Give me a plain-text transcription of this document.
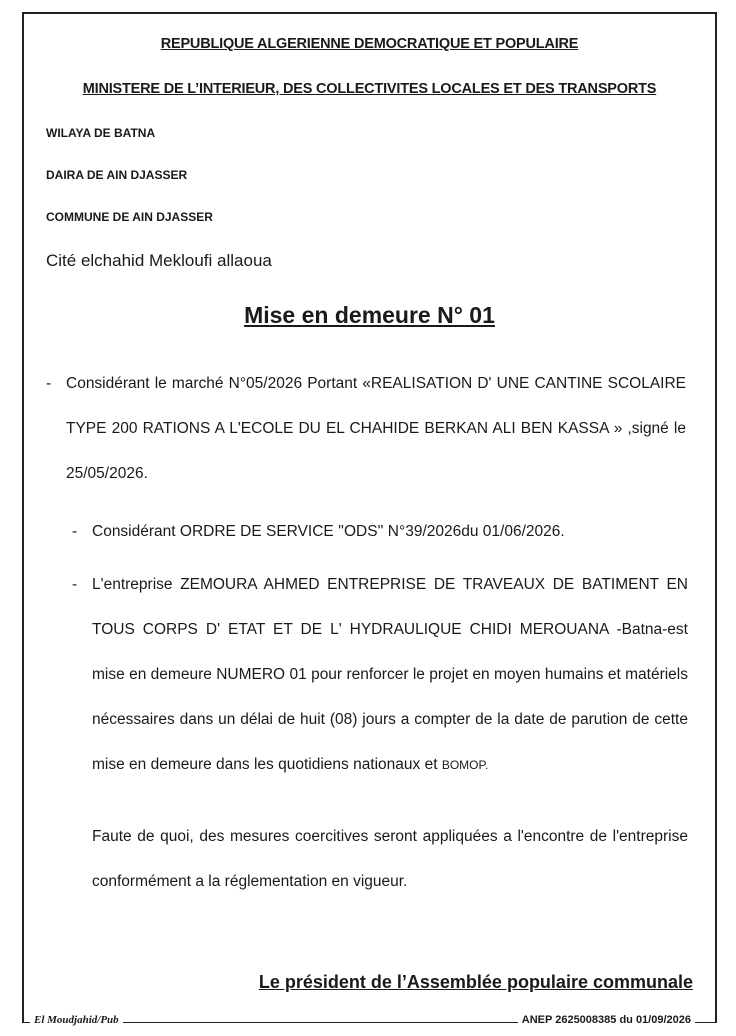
REPUBLIQUE ALGERIENNE DEMOCRATIQUE ET POPULAIRE
MINISTERE DE L’INTERIEUR, DES COLLECTIVITES LOCALES ET DES TRANSPORTS
WILAYA DE BATNA
DAIRA DE AIN DJASSER
COMMUNE DE AIN DJASSER
Cité elchahid Mekloufi allaoua
Mise en demeure N° 01
- Considérant le marché N°05/2026 Portant «REALISATION D' UNE CANTINE SCOLAIRE TYPE 200 RATIONS A L'ECOLE DU EL CHAHIDE BERKAN ALI BEN KASSA » ,signé le 25/05/2026.
- Considérant ORDRE DE SERVICE ''ODS'' N°39/2026du 01/06/2026.
- L'entreprise ZEMOURA AHMED ENTREPRISE DE TRAVEAUX DE BATIMENT EN TOUS CORPS D' ETAT ET DE L' HYDRAULIQUE CHIDI MEROUANA -Batna-est mise en demeure NUMERO 01 pour renforcer le projet en moyen humains et matériels nécessaires dans un délai de huit (08) jours a compter de la date de parution de cette mise en demeure dans les quotidiens nationaux et BOMOP.
Faute de quoi, des mesures coercitives seront appliquées a l'encontre de l'entreprise conformément a la réglementation en vigueur.
Le président de l’Assemblée populaire communale
El Moudjahid/Pub	ANEP 2625008385 du 01/09/2026
